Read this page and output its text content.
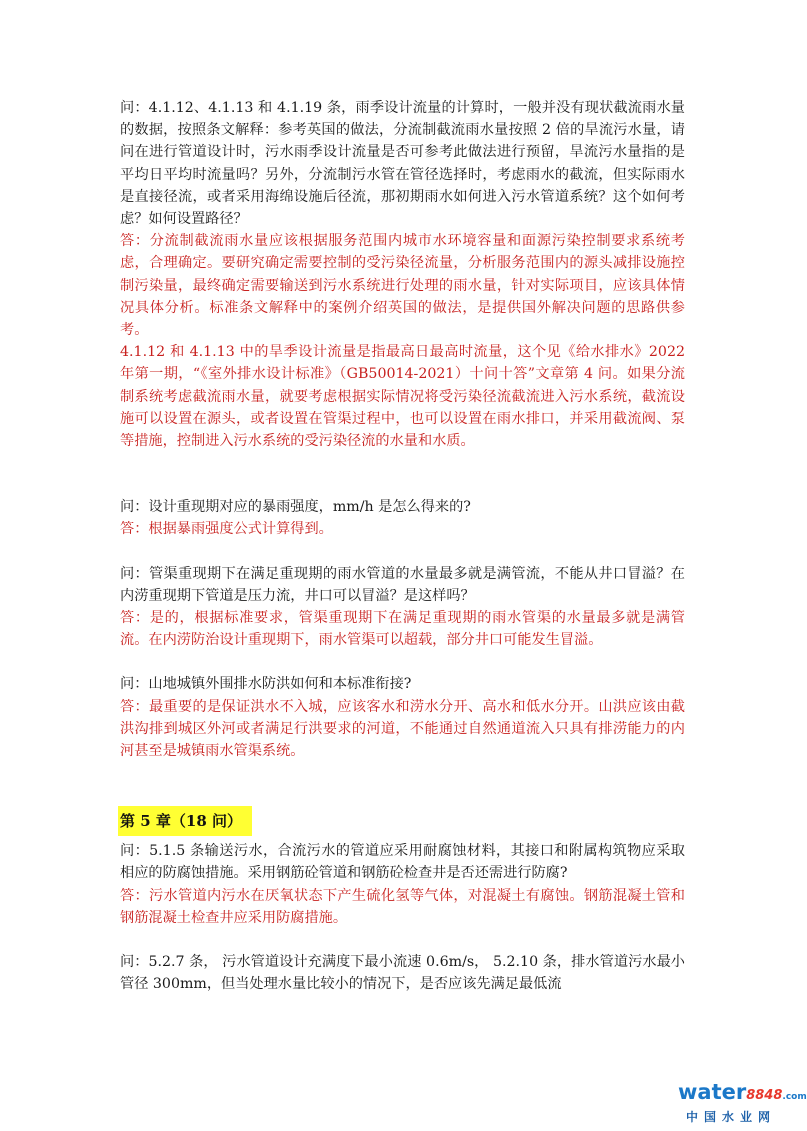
问：4.1.12、4.1.13 和 4.1.19 条，雨季设计流量的计算时，一般并没有现状截流雨水量的数据，按照条文解释：参考英国的做法，分流制截流雨水量按照 2 倍的旱流污水量，请问在进行管道设计时，污水雨季设计流量是否可参考此做法进行预留，旱流污水量指的是平均日平均时流量吗？另外，分流制污水管在管径选择时，考虑雨水的截流，但实际雨水是直接径流，或者采用海绵设施后径流，那初期雨水如何进入污水管道系统？这个如何考虑？如何设置路径？

答：分流制截流雨水量应该根据服务范围内城市水环境容量和面源污染控制要求系统考虑，合理确定。要研究确定需要控制的受污染径流量，分析服务范围内的源头减排设施控制污染量，最终确定需要输送到污水系统进行处理的雨水量，针对实际项目，应该具体情况具体分析。标准条文解释中的案例介绍英国的做法，是提供国外解决问题的思路供参考。

4.1.12 和 4.1.13 中的旱季设计流量是指最高日最高时流量，这个见《给水排水》2022 年第一期，“《室外排水设计标准》（GB50014-2021）十问十答”文章第 4 问。如果分流制系统考虑截流雨水量，就要考虑根据实际情况将受污染径流截流进入污水系统，截流设施可以设置在源头，或者设置在管渠过程中，也可以设置在雨水排口，并采用截流阀、泵等措施，控制进入污水系统的受污染径流的水量和水质。

问：设计重现期对应的暴雨强度，mm/h 是怎么得来的?

答：根据暴雨强度公式计算得到。

问：管渠重现期下在满足重现期的雨水管道的水量最多就是满管流，不能从井口冒溢？在内涝重现期下管道是压力流，井口可以冒溢？是这样吗？

答：是的，根据标准要求，管渠重现期下在满足重现期的雨水管渠的水量最多就是满管流。在内涝防治设计重现期下，雨水管渠可以超载，部分井口可能发生冒溢。

问：山地城镇外围排水防洪如何和本标准衔接?

答：最重要的是保证洪水不入城，应该客水和涝水分开、高水和低水分开。山洪应该由截洪沟排到城区外河或者满足行洪要求的河道，不能通过自然通道流入只具有排涝能力的内河甚至是城镇雨水管渠系统。

第 5 章（18 问）

问：5.1.5 条输送污水，合流污水的管道应采用耐腐蚀材料，其接口和附属构筑物应采取相应的防腐蚀措施。采用钢筋砼管道和钢筋砼检查井是否还需进行防腐?

答：污水管道内污水在厌氧状态下产生硫化氢等气体，对混凝土有腐蚀。钢筋混凝土管和钢筋混凝土检查井应采用防腐措施。

问：5.2.7 条， 污水管道设计充满度下最小流速 0.6m/s， 5.2.10 条，排水管道污水最小管径 300mm，但当处理水量比较小的情况下，是否应该先满足最低流

water8848.com
中国水业网
